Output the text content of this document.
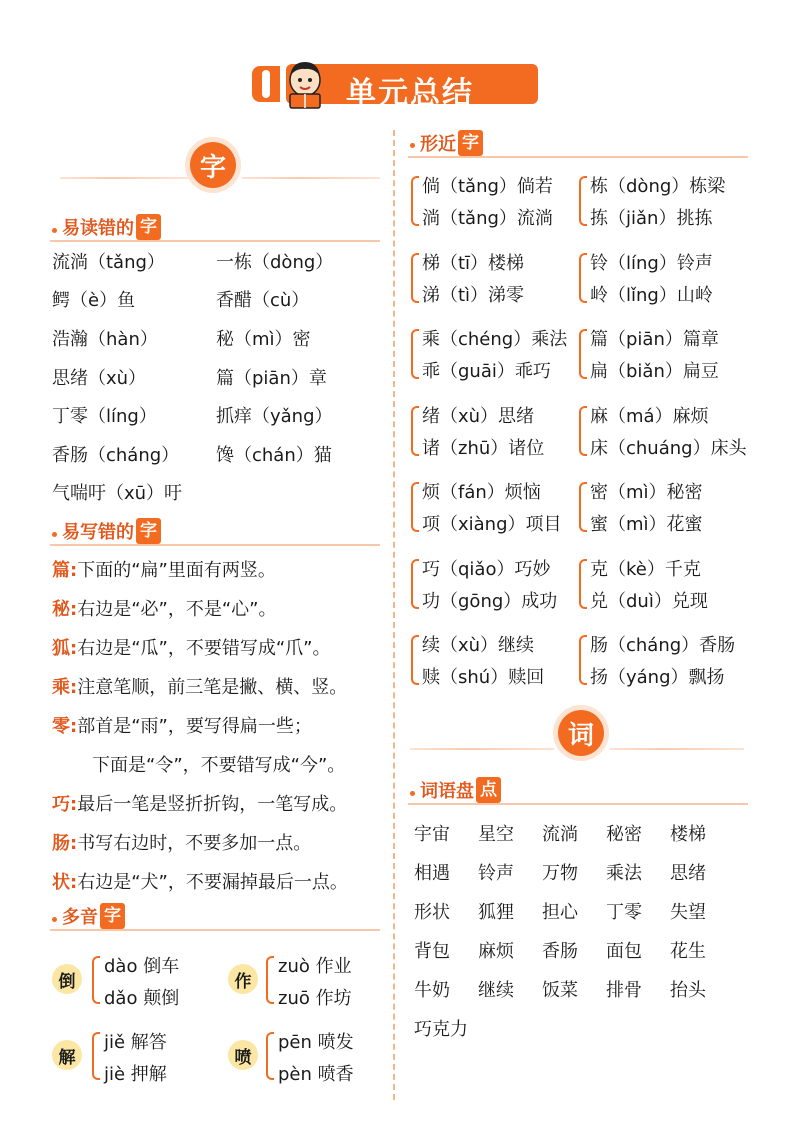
单元总结
字
易读错的 字
流淌（tǎng）
鳄（è）鱼
浩瀚（hàn）
思绪（xù）
丁零（líng）
香肠（cháng）
气喘吁（xū）吁
一栋（dòng）
香醋（cù）
秘（mì）密
篇（piān）章
抓痒（yǎng）
馋（chán）猫
易写错的 字
篇:下面的“扁”里面有两竖。
秘:右边是“必”，不是“心”。
狐:右边是“瓜”，不要错写成“爪”。
乘:注意笔顺，前三笔是撇、横、竖。
零:部首是“雨”，要写得扁一些；
下面是“令”，不要错写成“今”。
巧:最后一笔是竖折折钩，一笔写成。
肠:书写右边时，不要多加一点。
状:右边是“犬”，不要漏掉最后一点。
多音 字
倒
dào 倒车
dǎo 颠倒
作
zuò 作业
zuō 作坊
解
jiě 解答
jiè 押解
喷
pēn 喷发
pèn 喷香
形近 字
倘（tǎng）倘若
淌（tǎng）流淌
栋（dòng）栋梁
拣（jiǎn）挑拣
梯（tī）楼梯
涕（tì）涕零
铃（líng）铃声
岭（lǐng）山岭
乘（chéng）乘法
乖（guāi）乖巧
篇（piān）篇章
扁（biǎn）扁豆
绪（xù）思绪
诸（zhū）诸位
麻（má）麻烦
床（chuáng）床头
烦（fán）烦恼
项（xiàng）项目
密（mì）秘密
蜜（mì）花蜜
巧（qiǎo）巧妙
功（gōng）成功
克（kè）千克
兑（duì）兑现
续（xù）继续
赎（shú）赎回
肠（cháng）香肠
扬（yáng）飘扬
词
词语盘 点
宇宙 星空 流淌 秘密 楼梯
相遇 铃声 万物 乘法 思绪
形状 狐狸 担心 丁零 失望
背包 麻烦 香肠 面包 花生
牛奶 继续 饭菜 排骨 抬头
巧克力
